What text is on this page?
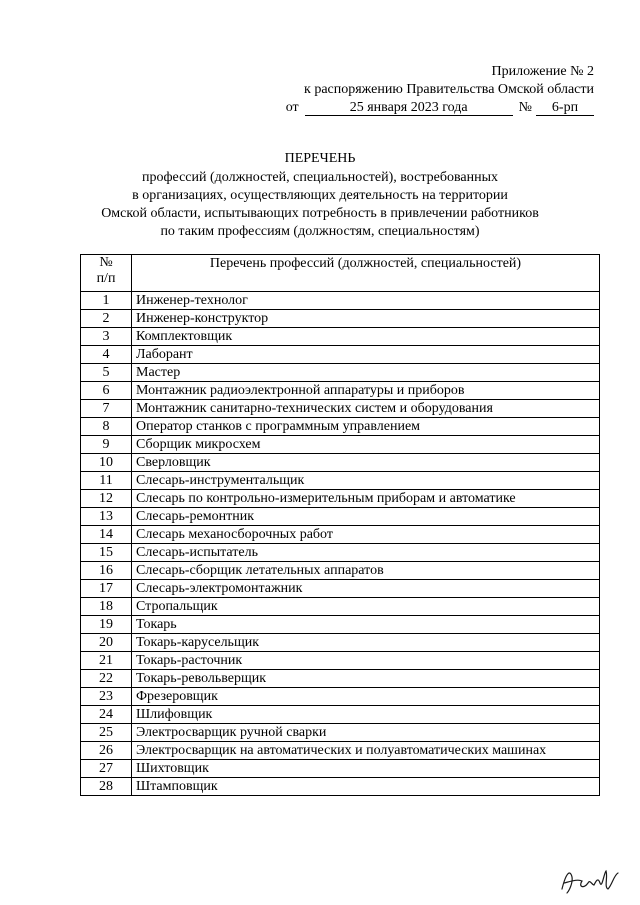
Приложение № 2
к распоряжению Правительства Омской области
от	25 января 2023 года	№ 6-рп
ПЕРЕЧЕНЬ
профессий (должностей, специальностей), востребованных
в организациях, осуществляющих деятельность на территории
Омской области, испытывающих потребность в привлечении работников
по таким профессиям (должностям, специальностям)
№
п/п	Перечень профессий (должностей, специальностей)
1	Инженер-технолог
2	Инженер-конструктор
3	Комплектовщик
4	Лаборант
5	Мастер
6	Монтажник радиоэлектронной аппаратуры и приборов
7	Монтажник санитарно-технических систем и оборудования
8	Оператор станков с программным управлением
9	Сборщик микросхем
10	Сверловщик
11	Слесарь-инструментальщик
12	Слесарь по контрольно-измерительным приборам и автоматике
13	Слесарь-ремонтник
14	Слесарь механосборочных работ
15	Слесарь-испытатель
16	Слесарь-сборщик летательных аппаратов
17	Слесарь-электромонтажник
18	Стропальщик
19	Токарь
20	Токарь-карусельщик
21	Токарь-расточник
22	Токарь-револьверщик
23	Фрезеровщик
24	Шлифовщик
25	Электросварщик ручной сварки
26	Электросварщик на автоматических и полуавтоматических машинах
27	Шихтовщик
28	Штамповщик
